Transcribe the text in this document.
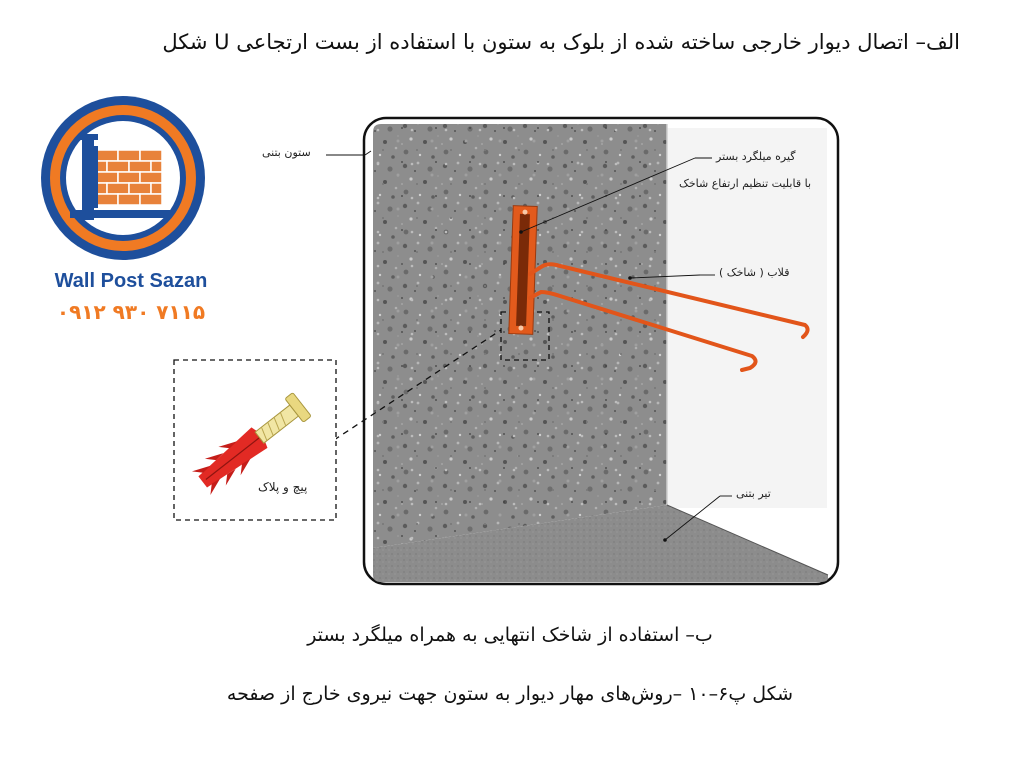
الف– اتصال دیوار خارجی ساخته شده از بلوک به ستون با استفاده از بست ارتجاعی U شکل
ستون بتنی	گیره میلگرد بستر
با قابلیت تنظیم ارتفاع شاخک
قلاب ( شاخک )
تیر بتنی
پیچ و پلاک
Wall Post Sazan
۰۹۱۲ ۹۳۰ ۷۱۱۵
ب– استفاده از شاخک انتهایی به همراه میلگرد بستر
شکل پ۶–۱۰ –روش‌های مهار دیوار به ستون جهت نیروی خارج از صفحه
